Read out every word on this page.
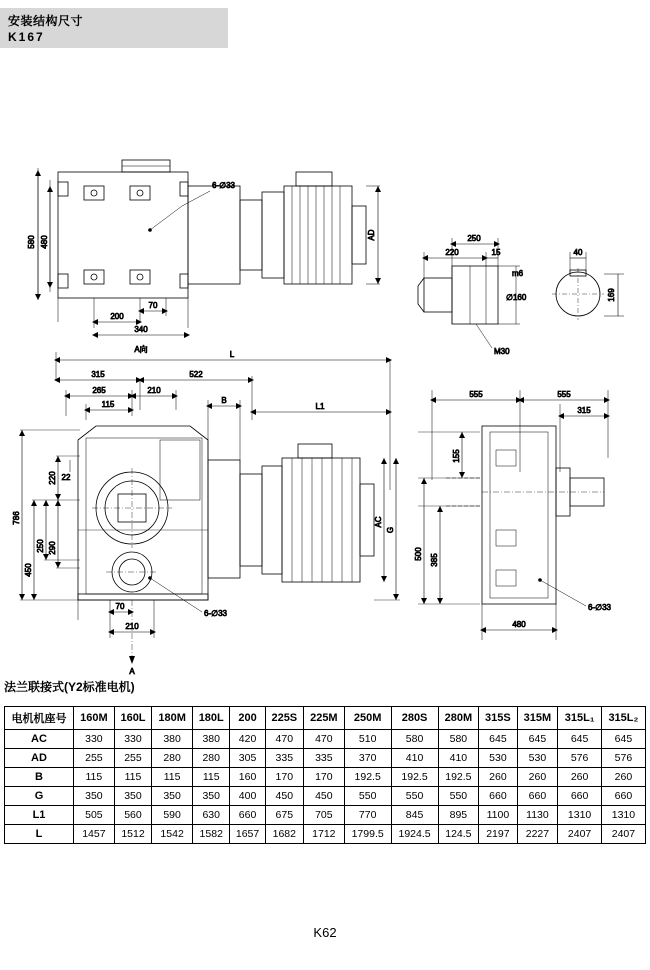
安装结构尺寸
K167
580 480
AD
6-∅33
70
200
340
A向
250
220	15
m6
∅160
M30
40
169
L
315	522
265	210
115	B
L1
786
450
250 290
220 22
AC
G
70
210
A
6-∅33
555	555
315
155
385
500
480
6-∅33
法兰联接式(Y2标准电机)
电机机座号	160M	160L	180M	180L	200	225S	225M	250M	280S	280M	315S	315M	315L₁	315L₂
AC	330	330	380	380	420	470	470	510	580	580	645	645	645	645
AD	255	255	280	280	305	335	335	370	410	410	530	530	576	576
B	115	115	115	115	160	170	170	192.5	192.5	192.5	260	260	260	260
G	350	350	350	350	400	450	450	550	550	550	660	660	660	660
L1	505	560	590	630	660	675	705	770	845	895	1100	1130	1310	1310
L	1457	1512	1542	1582	1657	1682	1712	1799.5	1924.5	124.5	2197	2227	2407	2407
K62
